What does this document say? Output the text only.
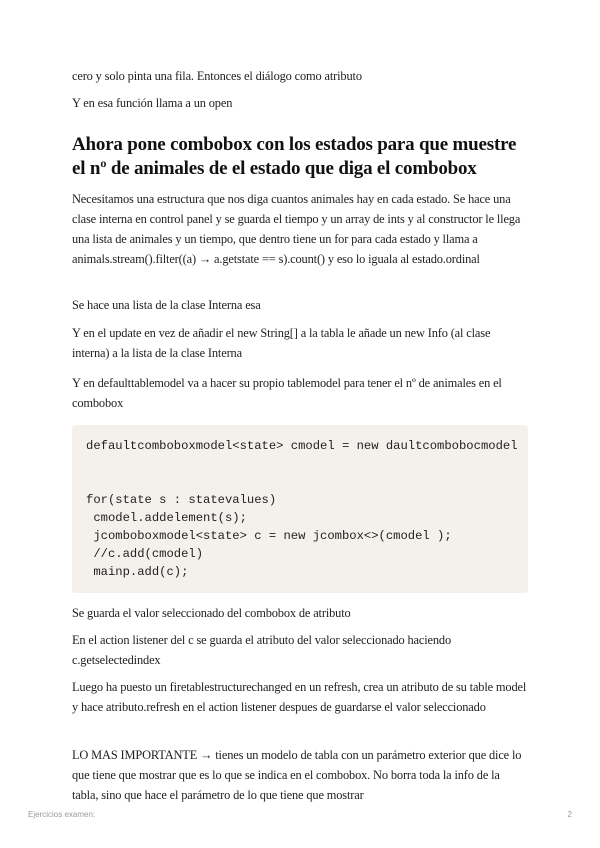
cero y solo pinta una fila. Entonces el diálogo como atributo

Y en esa función llama a un open

Ahora pone combobox con los estados para que muestre el nº de animales de el estado que diga el combobox

Necesitamos una estructura que nos diga cuantos animales hay en cada estado. Se hace una clase interna en control panel y se guarda el tiempo y un array de ints y al constructor le llega una lista de animales y un tiempo, que dentro tiene un for para cada estado y llama a animals.stream().filter((a) → a.getstate == s).count() y eso lo iguala al estado.ordinal

Se hace una lista de la clase Interna esa

Y en el update en vez de añadir el new String[] a la tabla le añade un new Info (al clase interna) a la lista de la clase Interna

Y en defaulttablemodel va a hacer su propio tablemodel para tener el nº de animales en el combobox

defaultcomboboxmodel<state> cmodel = new daultcombobocmodel

for(state s : statevalues)
cmodel.addelement(s);
jcomboboxmodel<state> c = new jcombox<>(cmodel );
//c.add(cmodel)
mainp.add(c);

Se guarda el valor seleccionado del combobox de atributo

En el action listener del c se guarda el atributo del valor seleccionado haciendo c.getselectedindex

Luego ha puesto un firetablestructurechanged en un refresh, crea un atributo de su table model y hace atributo.refresh en el action listener despues de guardarse el valor seleccionado

LO MAS IMPORTANTE → tienes un modelo de tabla con un parámetro exterior que dice lo que tiene que mostrar que es lo que se indica en el combobox. No borra toda la info de la tabla, sino que hace el parámetro de lo que tiene que mostrar

Ejercicios examen:	2
